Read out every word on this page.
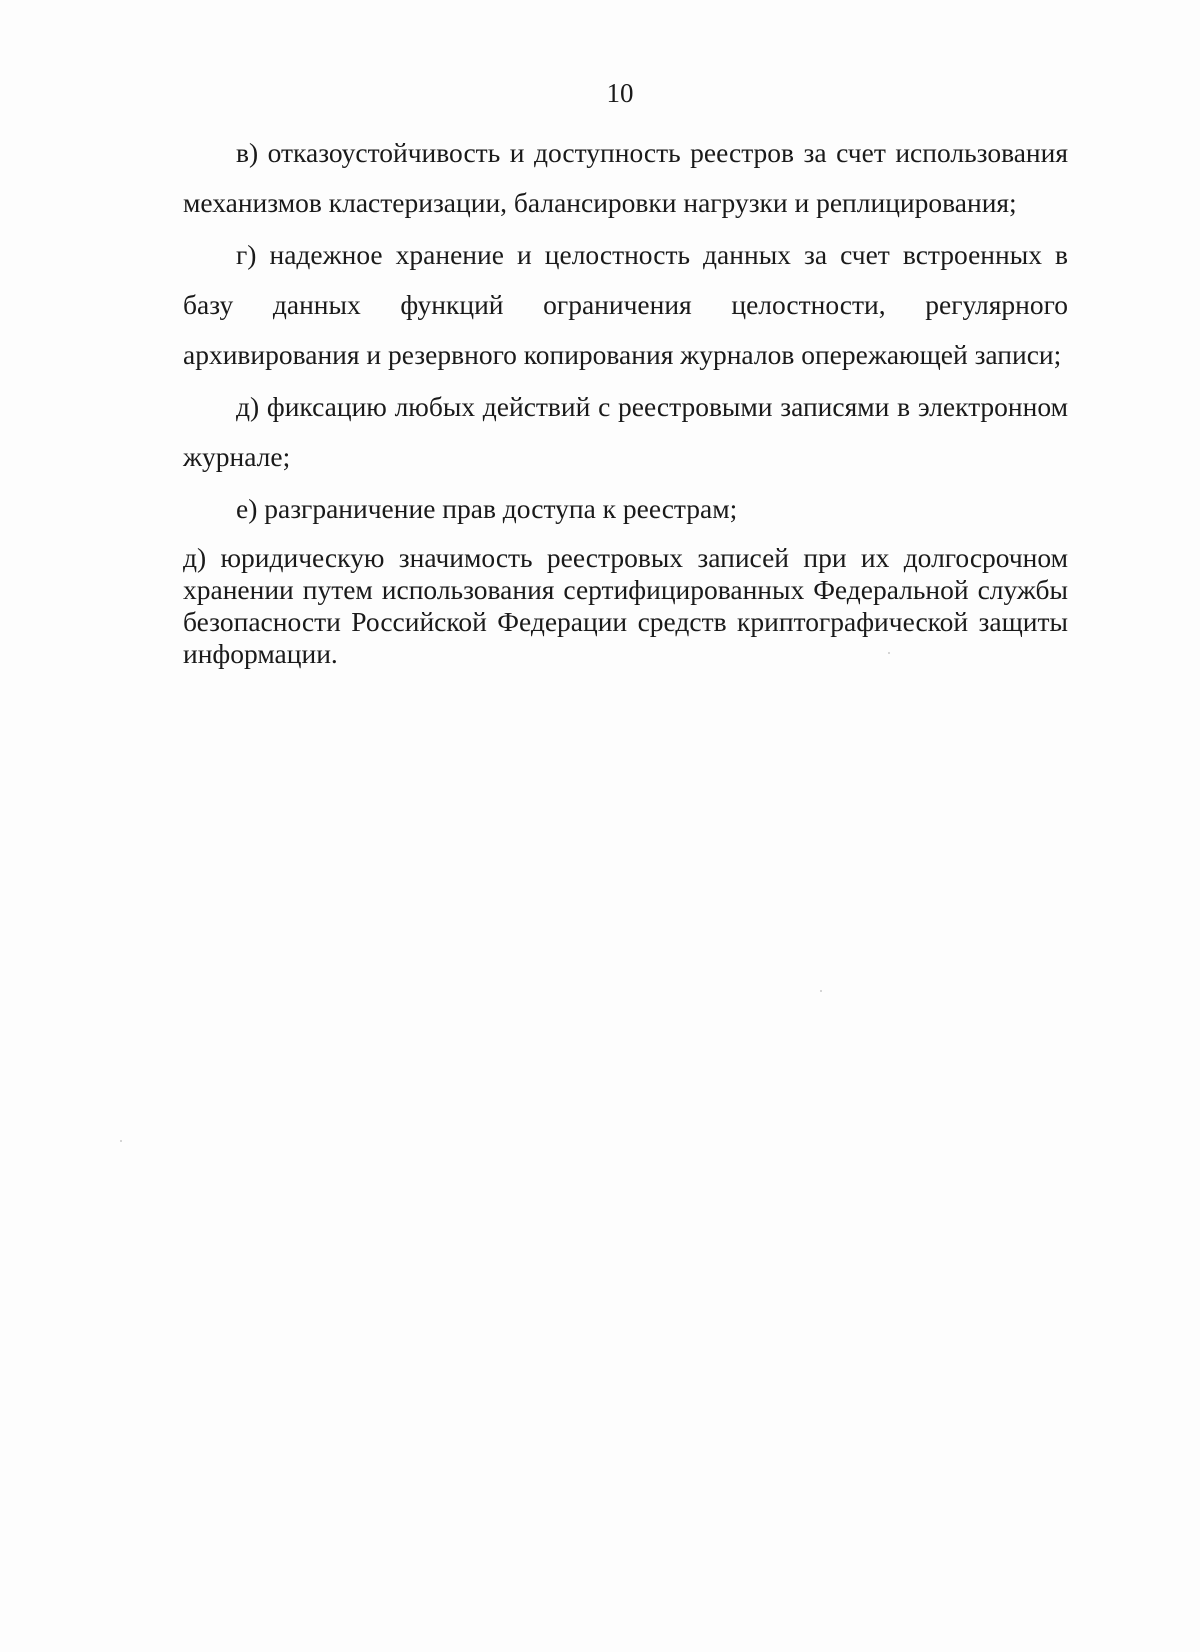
10

в) отказоустойчивость и доступность реестров за счет использования механизмов кластеризации, балансировки нагрузки и реплицирования;

г) надежное хранение и целостность данных за счет встроенных в базу данных функций ограничения целостности, регулярного архивирования и резервного копирования журналов опережающей записи;

д) фиксацию любых действий с реестровыми записями в электронном журнале;

е) разграничение прав доступа к реестрам;

д) юридическую значимость реестровых записей при их долгосрочном хранении путем использования сертифицированных Федеральной службы безопасности Российской Федерации средств криптографической защиты информации.
